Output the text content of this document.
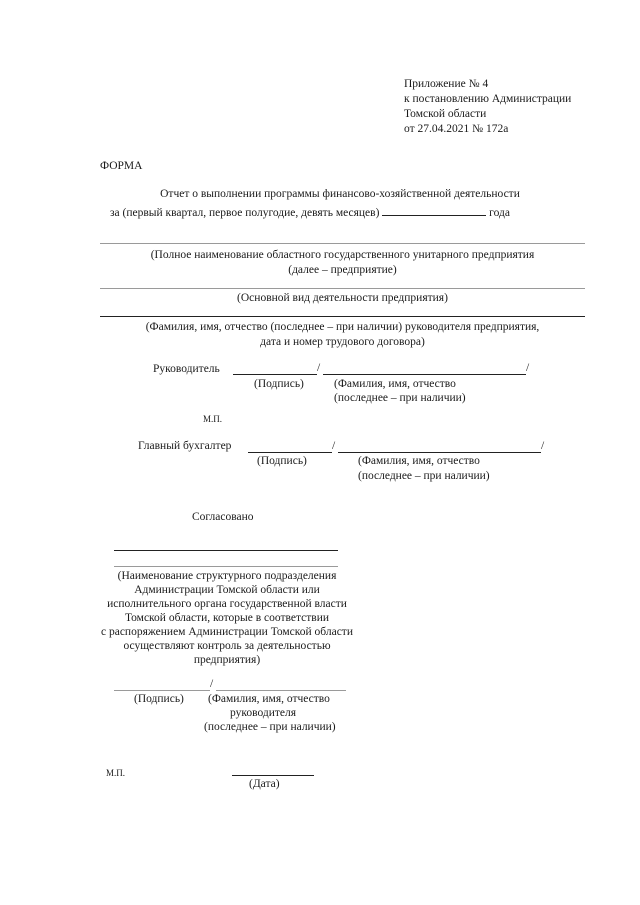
Приложение № 4
к постановлению Администрации
Томской области
от 27.04.2021 № 172а
ФОРМА
Отчет о выполнении программы финансово-хозяйственной деятельности
за (первый квартал, первое полугодие, девять месяцев)	года
(Полное наименование областного государственного унитарного предприятия
(далее – предприятие)
(Основной вид деятельности предприятия)
(Фамилия, имя, отчество (последнее – при наличии) руководителя предприятия,
дата и номер трудового договора)
Руководитель	/	/
(Подпись)	(Фамилия, имя, отчество
(последнее – при наличии)
М.П.
Главный бухгалтер	/	/
(Подпись)	(Фамилия, имя, отчество
(последнее – при наличии)
Согласовано
(Наименование структурного подразделения
Администрации Томской области или
исполнительного органа государственной власти
Томской области, которые в соответствии
с распоряжением Администрации Томской области
осуществляют контроль за деятельностью
предприятия)
/
(Подпись) (Фамилия, имя, отчество
руководителя
(последнее – при наличии)
М.П.
(Дата)
